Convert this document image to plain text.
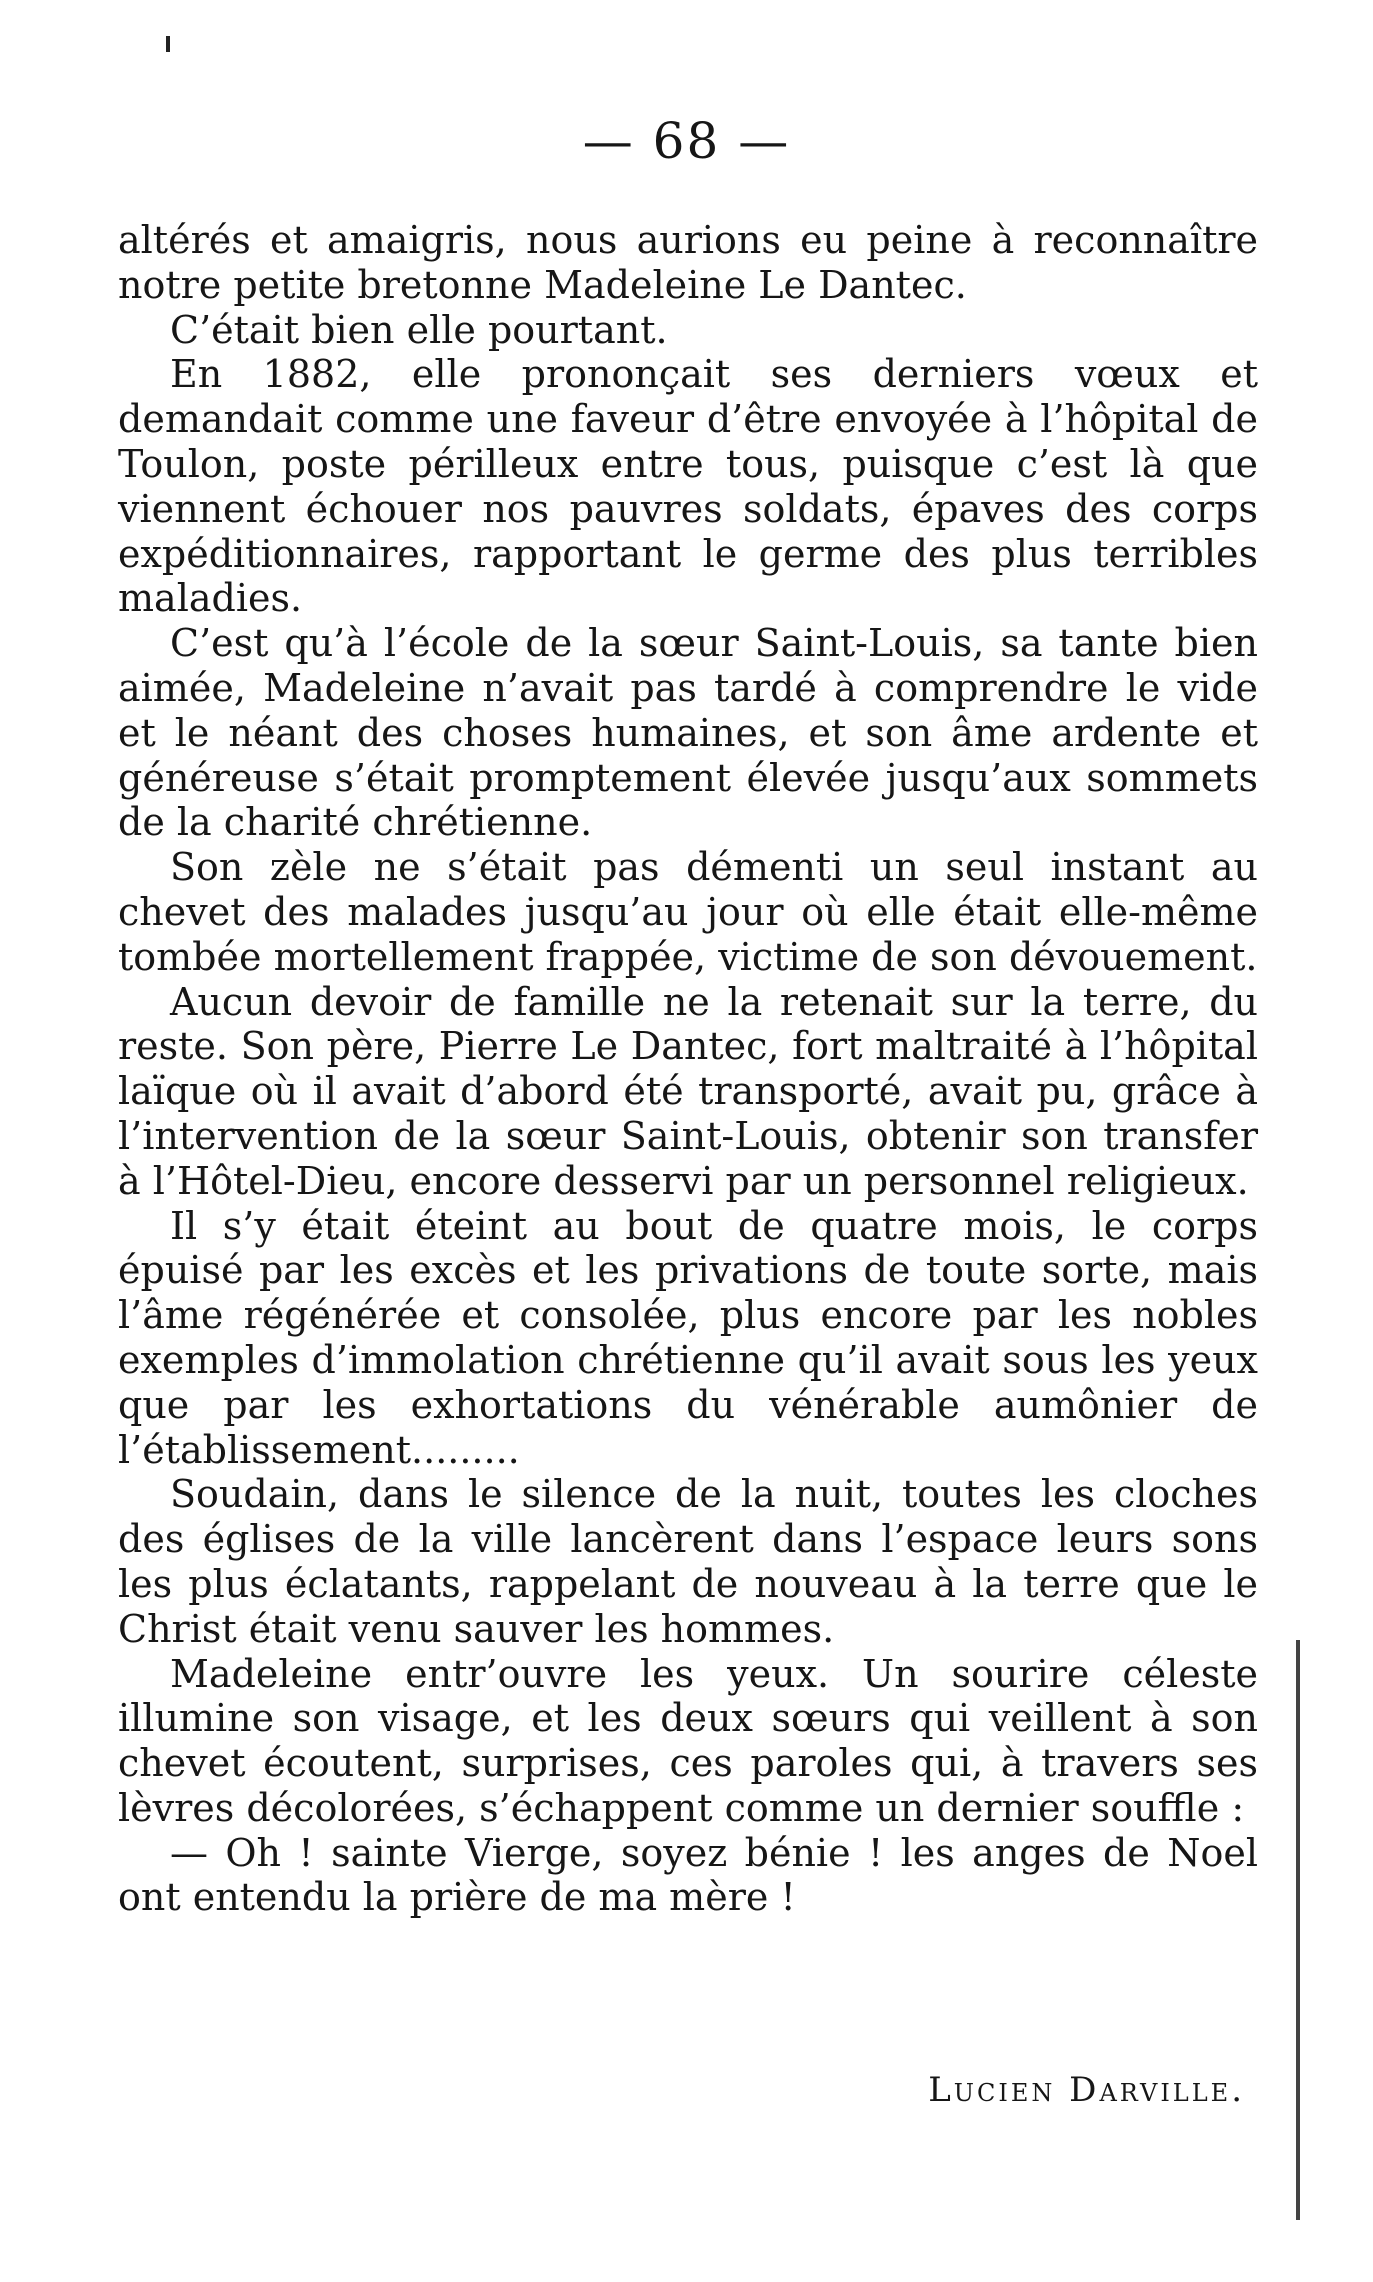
— 68 —

altérés et amaigris, nous aurions eu peine à reconnaître notre petite bretonne Madeleine Le Dantec.

C’était bien elle pourtant.

En 1882, elle prononçait ses derniers vœux et demandait comme une faveur d’être envoyée à l’hôpital de Toulon, poste périlleux entre tous, puisque c’est là que viennent échouer nos pauvres soldats, épaves des corps expéditionnaires, rapportant le germe des plus terribles maladies.

C’est qu’à l’école de la sœur Saint-Louis, sa tante bien aimée, Madeleine n’avait pas tardé à comprendre le vide et le néant des choses humaines, et son âme ardente et généreuse s’était promptement élevée jusqu’aux sommets de la charité chrétienne.

Son zèle ne s’était pas démenti un seul instant au chevet des malades jusqu’au jour où elle était elle-même tombée mortellement frappée, victime de son dévouement.

Aucun devoir de famille ne la retenait sur la terre, du reste. Son père, Pierre Le Dantec, fort maltraité à l’hôpital laïque où il avait d’abord été transporté, avait pu, grâce à l’intervention de la sœur Saint-Louis, obtenir son transfer à l’Hôtel-Dieu, encore desservi par un personnel religieux.

Il s’y était éteint au bout de quatre mois, le corps épuisé par les excès et les privations de toute sorte, mais l’âme régénérée et consolée, plus encore par les nobles exemples d’immolation chrétienne qu’il avait sous les yeux que par les exhortations du vénérable aumônier de l’établissement.........

Soudain, dans le silence de la nuit, toutes les cloches des églises de la ville lancèrent dans l’espace leurs sons les plus éclatants, rappelant de nouveau à la terre que le Christ était venu sauver les hommes.

Madeleine entr’ouvre les yeux. Un sourire céleste illumine son visage, et les deux sœurs qui veillent à son chevet écoutent, surprises, ces paroles qui, à travers ses lèvres décolorées, s’échappent comme un dernier souffle :

— Oh ! sainte Vierge, soyez bénie ! les anges de Noel ont entendu la prière de ma mère !

Lucien Darville.
